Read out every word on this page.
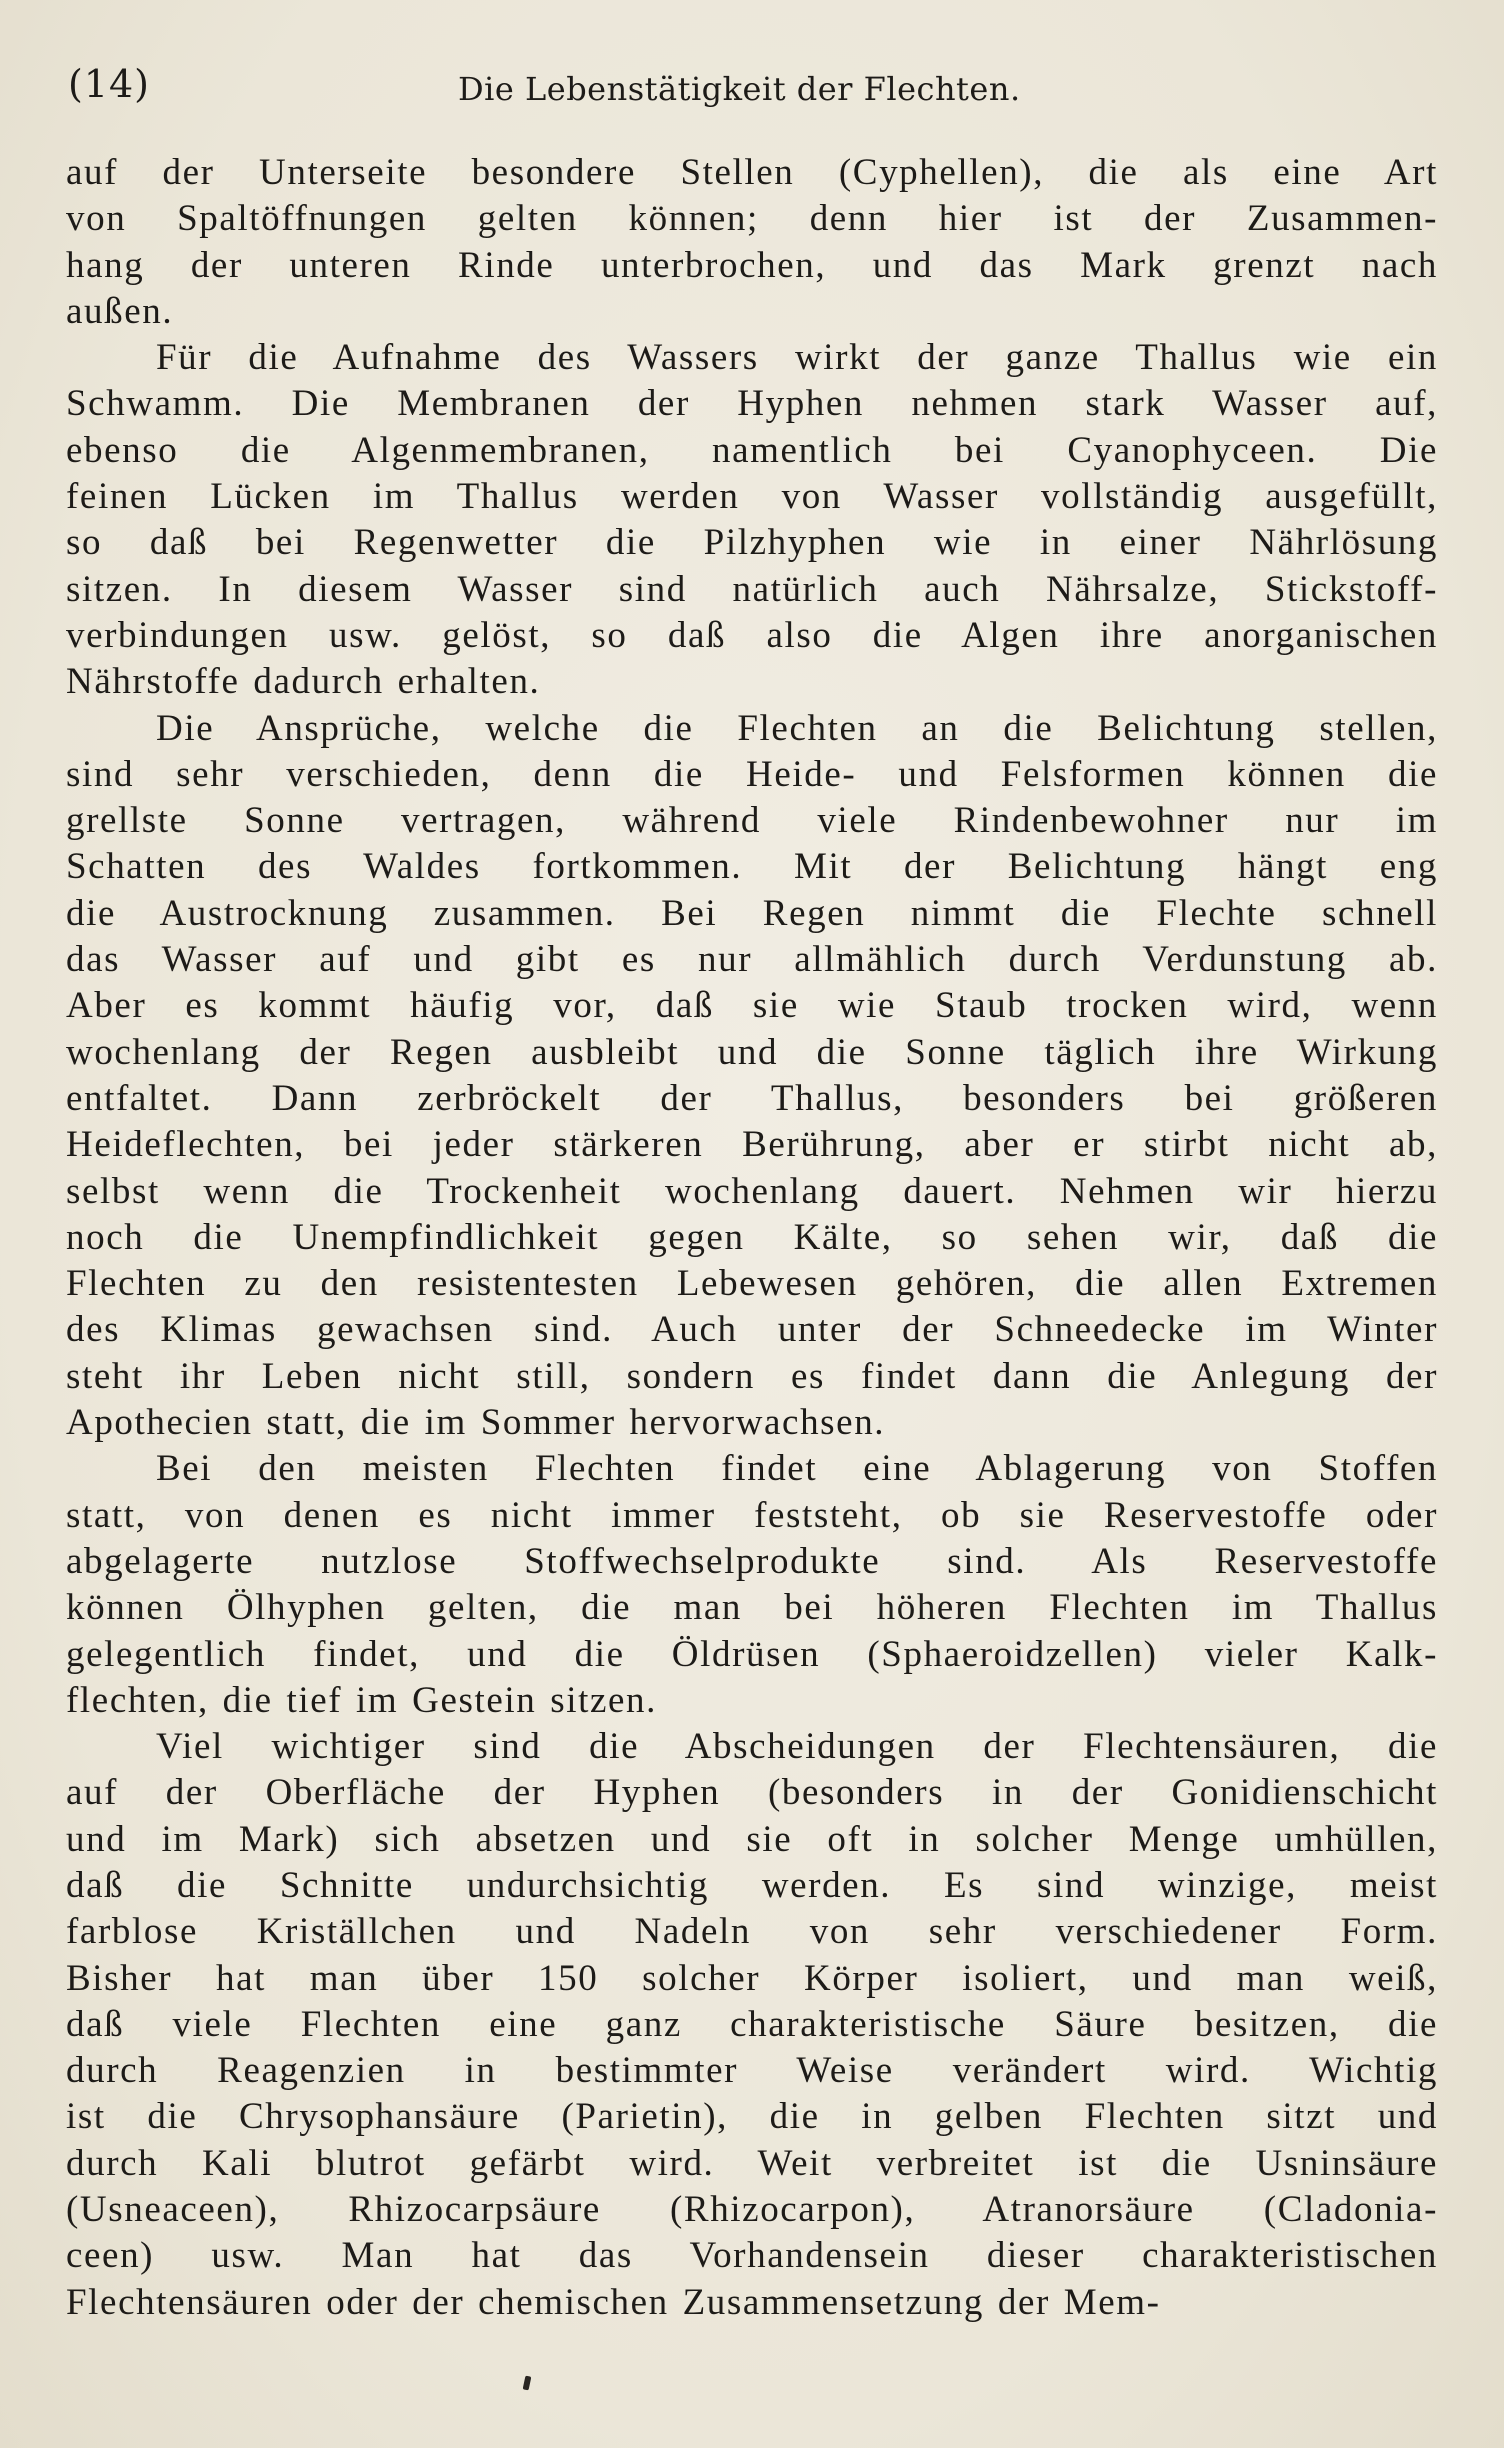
(14)	Die Lebenstätigkeit der Flechten.
auf der Unterseite besondere Stellen (Cyphellen), die als eine Art
von Spaltöffnungen gelten können; denn hier ist der Zusammen-
hang der unteren Rinde unterbrochen, und das Mark grenzt nach
außen.
Für die Aufnahme des Wassers wirkt der ganze Thallus wie ein
Schwamm. Die Membranen der Hyphen nehmen stark Wasser auf,
ebenso die Algenmembranen, namentlich bei Cyanophyceen. Die
feinen Lücken im Thallus werden von Wasser vollständig ausgefüllt,
so daß bei Regenwetter die Pilzhyphen wie in einer Nährlösung
sitzen. In diesem Wasser sind natürlich auch Nährsalze, Stickstoff-
verbindungen usw. gelöst, so daß also die Algen ihre anorganischen
Nährstoffe dadurch erhalten.
Die Ansprüche, welche die Flechten an die Belichtung stellen,
sind sehr verschieden, denn die Heide- und Felsformen können die
grellste Sonne vertragen, während viele Rindenbewohner nur im
Schatten des Waldes fortkommen. Mit der Belichtung hängt eng
die Austrocknung zusammen. Bei Regen nimmt die Flechte schnell
das Wasser auf und gibt es nur allmählich durch Verdunstung ab.
Aber es kommt häufig vor, daß sie wie Staub trocken wird, wenn
wochenlang der Regen ausbleibt und die Sonne täglich ihre Wirkung
entfaltet. Dann zerbröckelt der Thallus, besonders bei größeren
Heideflechten, bei jeder stärkeren Berührung, aber er stirbt nicht ab,
selbst wenn die Trockenheit wochenlang dauert. Nehmen wir hierzu
noch die Unempfindlichkeit gegen Kälte, so sehen wir, daß die
Flechten zu den resistentesten Lebewesen gehören, die allen Extremen
des Klimas gewachsen sind. Auch unter der Schneedecke im Winter
steht ihr Leben nicht still, sondern es findet dann die Anlegung der
Apothecien statt, die im Sommer hervorwachsen.
Bei den meisten Flechten findet eine Ablagerung von Stoffen
statt, von denen es nicht immer feststeht, ob sie Reservestoffe oder
abgelagerte nutzlose Stoffwechselprodukte sind. Als Reservestoffe
können Ölhyphen gelten, die man bei höheren Flechten im Thallus
gelegentlich findet, und die Öldrüsen (Sphaeroidzellen) vieler Kalk-
flechten, die tief im Gestein sitzen.
Viel wichtiger sind die Abscheidungen der Flechtensäuren, die
auf der Oberfläche der Hyphen (besonders in der Gonidienschicht
und im Mark) sich absetzen und sie oft in solcher Menge umhüllen,
daß die Schnitte undurchsichtig werden. Es sind winzige, meist
farblose Kriställchen und Nadeln von sehr verschiedener Form.
Bisher hat man über 150 solcher Körper isoliert, und man weiß,
daß viele Flechten eine ganz charakteristische Säure besitzen, die
durch Reagenzien in bestimmter Weise verändert wird. Wichtig
ist die Chrysophansäure (Parietin), die in gelben Flechten sitzt und
durch Kali blutrot gefärbt wird. Weit verbreitet ist die Usninsäure
(Usneaceen), Rhizocarpsäure (Rhizocarpon), Atranorsäure (Cladonia-
ceen) usw. Man hat das Vorhandensein dieser charakteristischen
Flechtensäuren oder der chemischen Zusammensetzung der Mem-
